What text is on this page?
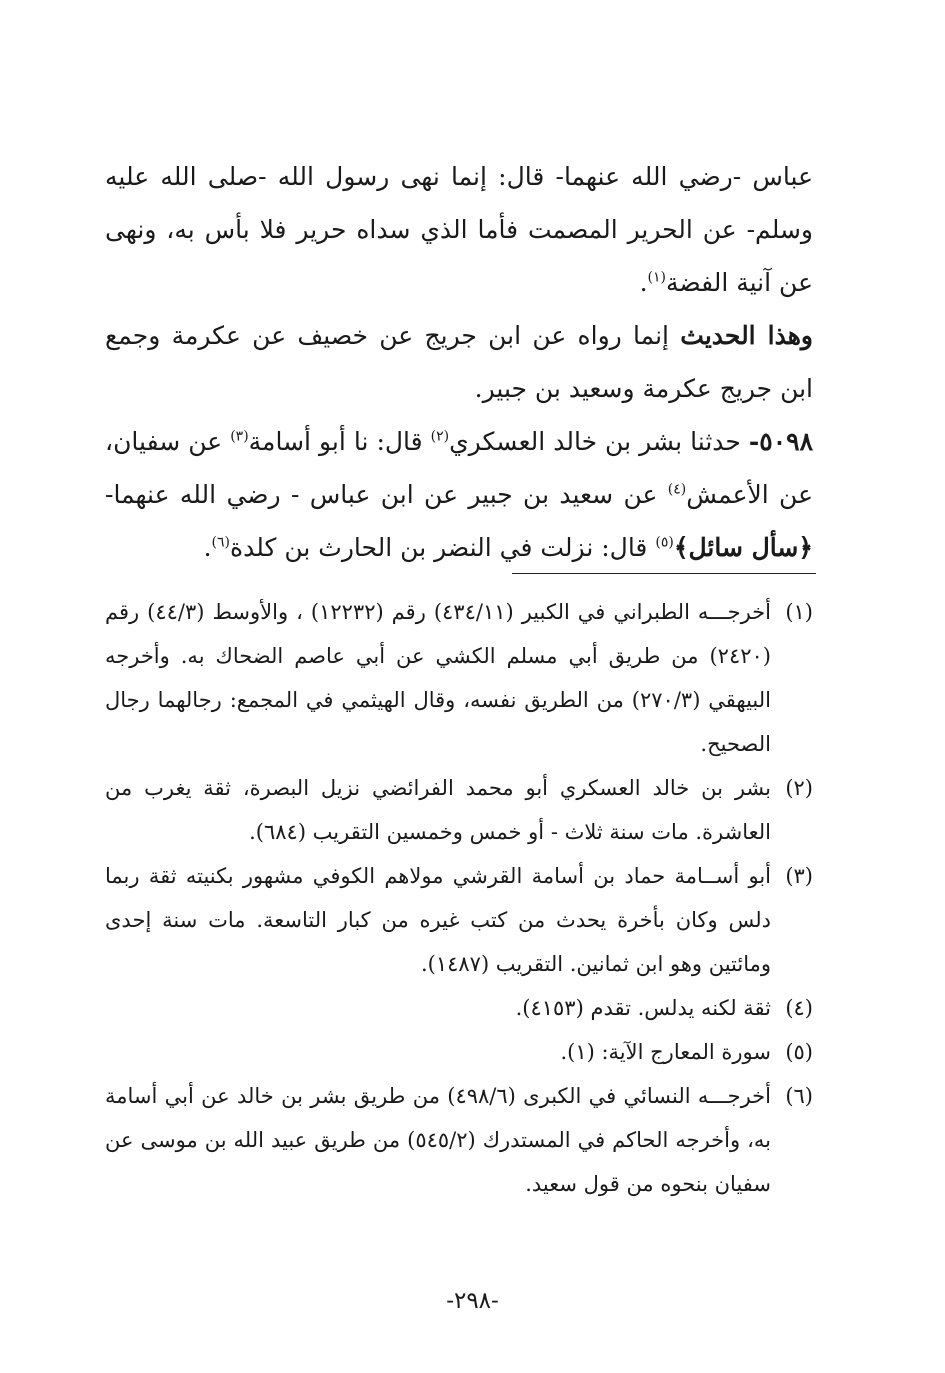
عباس -رضي الله عنهما- قال: إنما نهى رسول الله -صلى الله عليه وسلم- عن الحرير المصمت فأما الذي سداه حرير فلا بأس به، ونهى عن آنية الفضة$^{(١)}$.

وهذا الحديث إنما رواه عن ابن جريج عن خصيف عن عكرمة وجمع ابن جريج عكرمة وسعيد بن جبير.

٥٠٩٨- حدثنا بشر بن خالد العسكري$^{(٢)}$ قال: نا أبو أسامة$^{(٣)}$ عن سفيان، عن الأعمش$^{(٤)}$ عن سعيد بن جبير عن ابن عباس - رضي الله عنهما- ﴿سأل سائل﴾$^{(٥)}$ قال: نزلت في النضر بن الحارث بن كلدة$^{(٦)}$.

(١)
أخرجـــه الطبراني في الكبير (٤٣٤/١١) رقم (١٢٢٣٢) ، والأوسط (٤٤/٣) رقم (٢٤٢٠) من طريق أبي مسلم الكشي عن أبي عاصم الضحاك به. وأخرجه البيهقي (٢٧٠/٣) من الطريق نفسه، وقال الهيثمي في المجمع: رجالهما رجال الصحيح.
(٢)
بشر بن خالد العسكري أبو محمد الفرائضي نزيل البصرة، ثقة يغرب من العاشرة. مات سنة ثلاث - أو خمس وخمسين التقريب (٦٨٤).
(٣)
أبو أســامة حماد بن أسامة القرشي مولاهم الكوفي مشهور بكنيته ثقة ربما دلس وكان بأخرة يحدث من كتب غيره من كبار التاسعة. مات سنة إحدى ومائتين وهو ابن ثمانين. التقريب (١٤٨٧).
(٤)
ثقة لكنه يدلس. تقدم (٤١٥٣).
(٥)
سورة المعارج الآية: (١).
(٦)
أخرجـــه النسائي في الكبرى (٤٩٨/٦) من طريق بشر بن خالد عن أبي أسامة به، وأخرجه الحاكم في المستدرك (٥٤٥/٢) من طريق عبيد الله بن موسى عن سفيان بنحوه من قول سعيد.
-٢٩٨-
